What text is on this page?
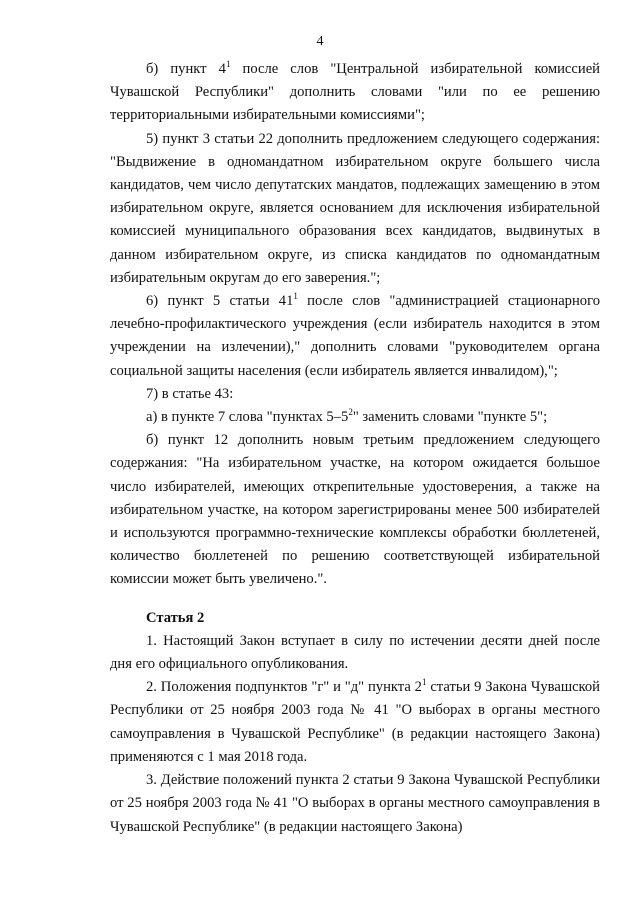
4

б) пункт $4^1$ после слов "Центральной избирательной комиссией Чувашской Республики" дополнить словами "или по ее решению территориальными избирательными комиссиями";

5) пункт 3 статьи 22 дополнить предложением следующего содержания: "Выдвижение в одномандатном избирательном округе большего числа кандидатов, чем число депутатских мандатов, подлежащих замещению в этом избирательном округе, является основанием для исключения избирательной комиссией муниципального образования всех кандидатов, выдвинутых в данном избирательном округе, из списка кандидатов по одномандатным избирательным округам до его заверения.";

6) пункт 5 статьи $41^1$ после слов "администрацией стационарного лечебно-профилактического учреждения (если избиратель находится в этом учреждении на излечении)," дополнить словами "руководителем органа социальной защиты населения (если избиратель является инвалидом),";

7) в статье 43:

а) в пункте 7 слова "пунктах $5-5^2$" заменить словами "пункте 5";

б) пункт 12 дополнить новым третьим предложением следующего содержания: "На избирательном участке, на котором ожидается большое число избирателей, имеющих открепительные удостоверения, а также на избирательном участке, на котором зарегистрированы менее 500 избирателей и используются программно-технические комплексы обработки бюллетеней, количество бюллетеней по решению соответствующей избирательной комиссии может быть увеличено.".

Статья 2

1. Настоящий Закон вступает в силу по истечении десяти дней после дня его официального опубликования.

2. Положения подпунктов "г" и "д" пункта $2^1$ статьи 9 Закона Чувашской Республики от 25 ноября 2003 года № 41 "О выборах в органы местного самоуправления в Чувашской Республике" (в редакции настоящего Закона) применяются с 1 мая 2018 года.

3. Действие положений пункта 2 статьи 9 Закона Чувашской Республики от 25 ноября 2003 года № 41 "О выборах в органы местного самоуправления в Чувашской Республике" (в редакции настоящего Закона)
